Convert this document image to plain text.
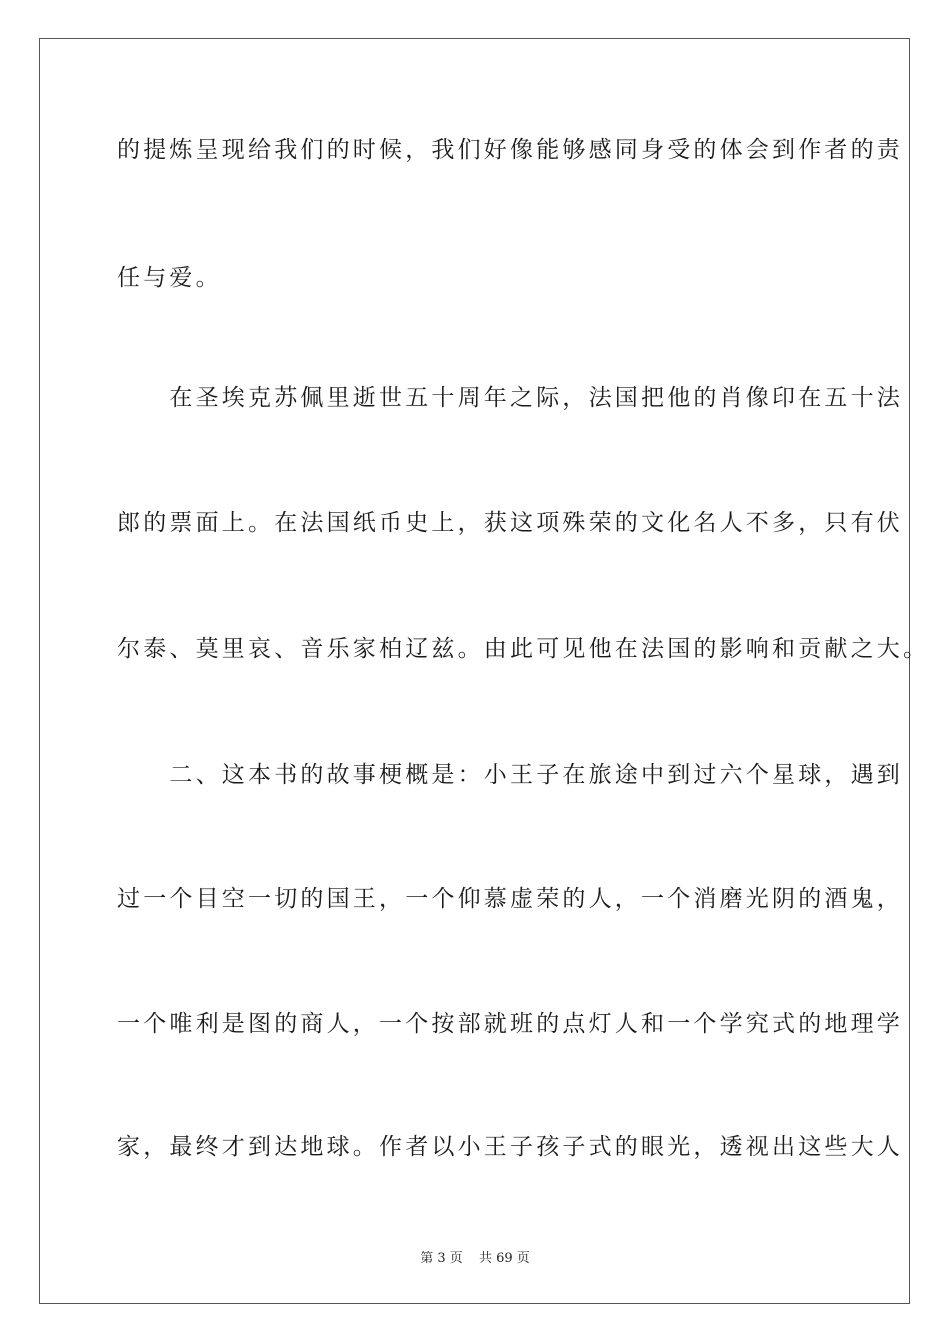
的提炼呈现给我们的时候，我们好像能够感同身受的体会到作者的责
任与爱。
　　在圣埃克苏佩里逝世五十周年之际，法国把他的肖像印在五十法
郎的票面上。在法国纸币史上，获这项殊荣的文化名人不多，只有伏
尔泰、莫里哀、音乐家柏辽兹。由此可见他在法国的影响和贡献之大。
　　二、这本书的故事梗概是：小王子在旅途中到过六个星球，遇到
过一个目空一切的国王，一个仰慕虚荣的人，一个消磨光阴的酒鬼，
一个唯利是图的商人，一个按部就班的点灯人和一个学究式的地理学
家，最终才到达地球。作者以小王子孩子式的眼光，透视出这些大人
第 3 页 共 69 页
